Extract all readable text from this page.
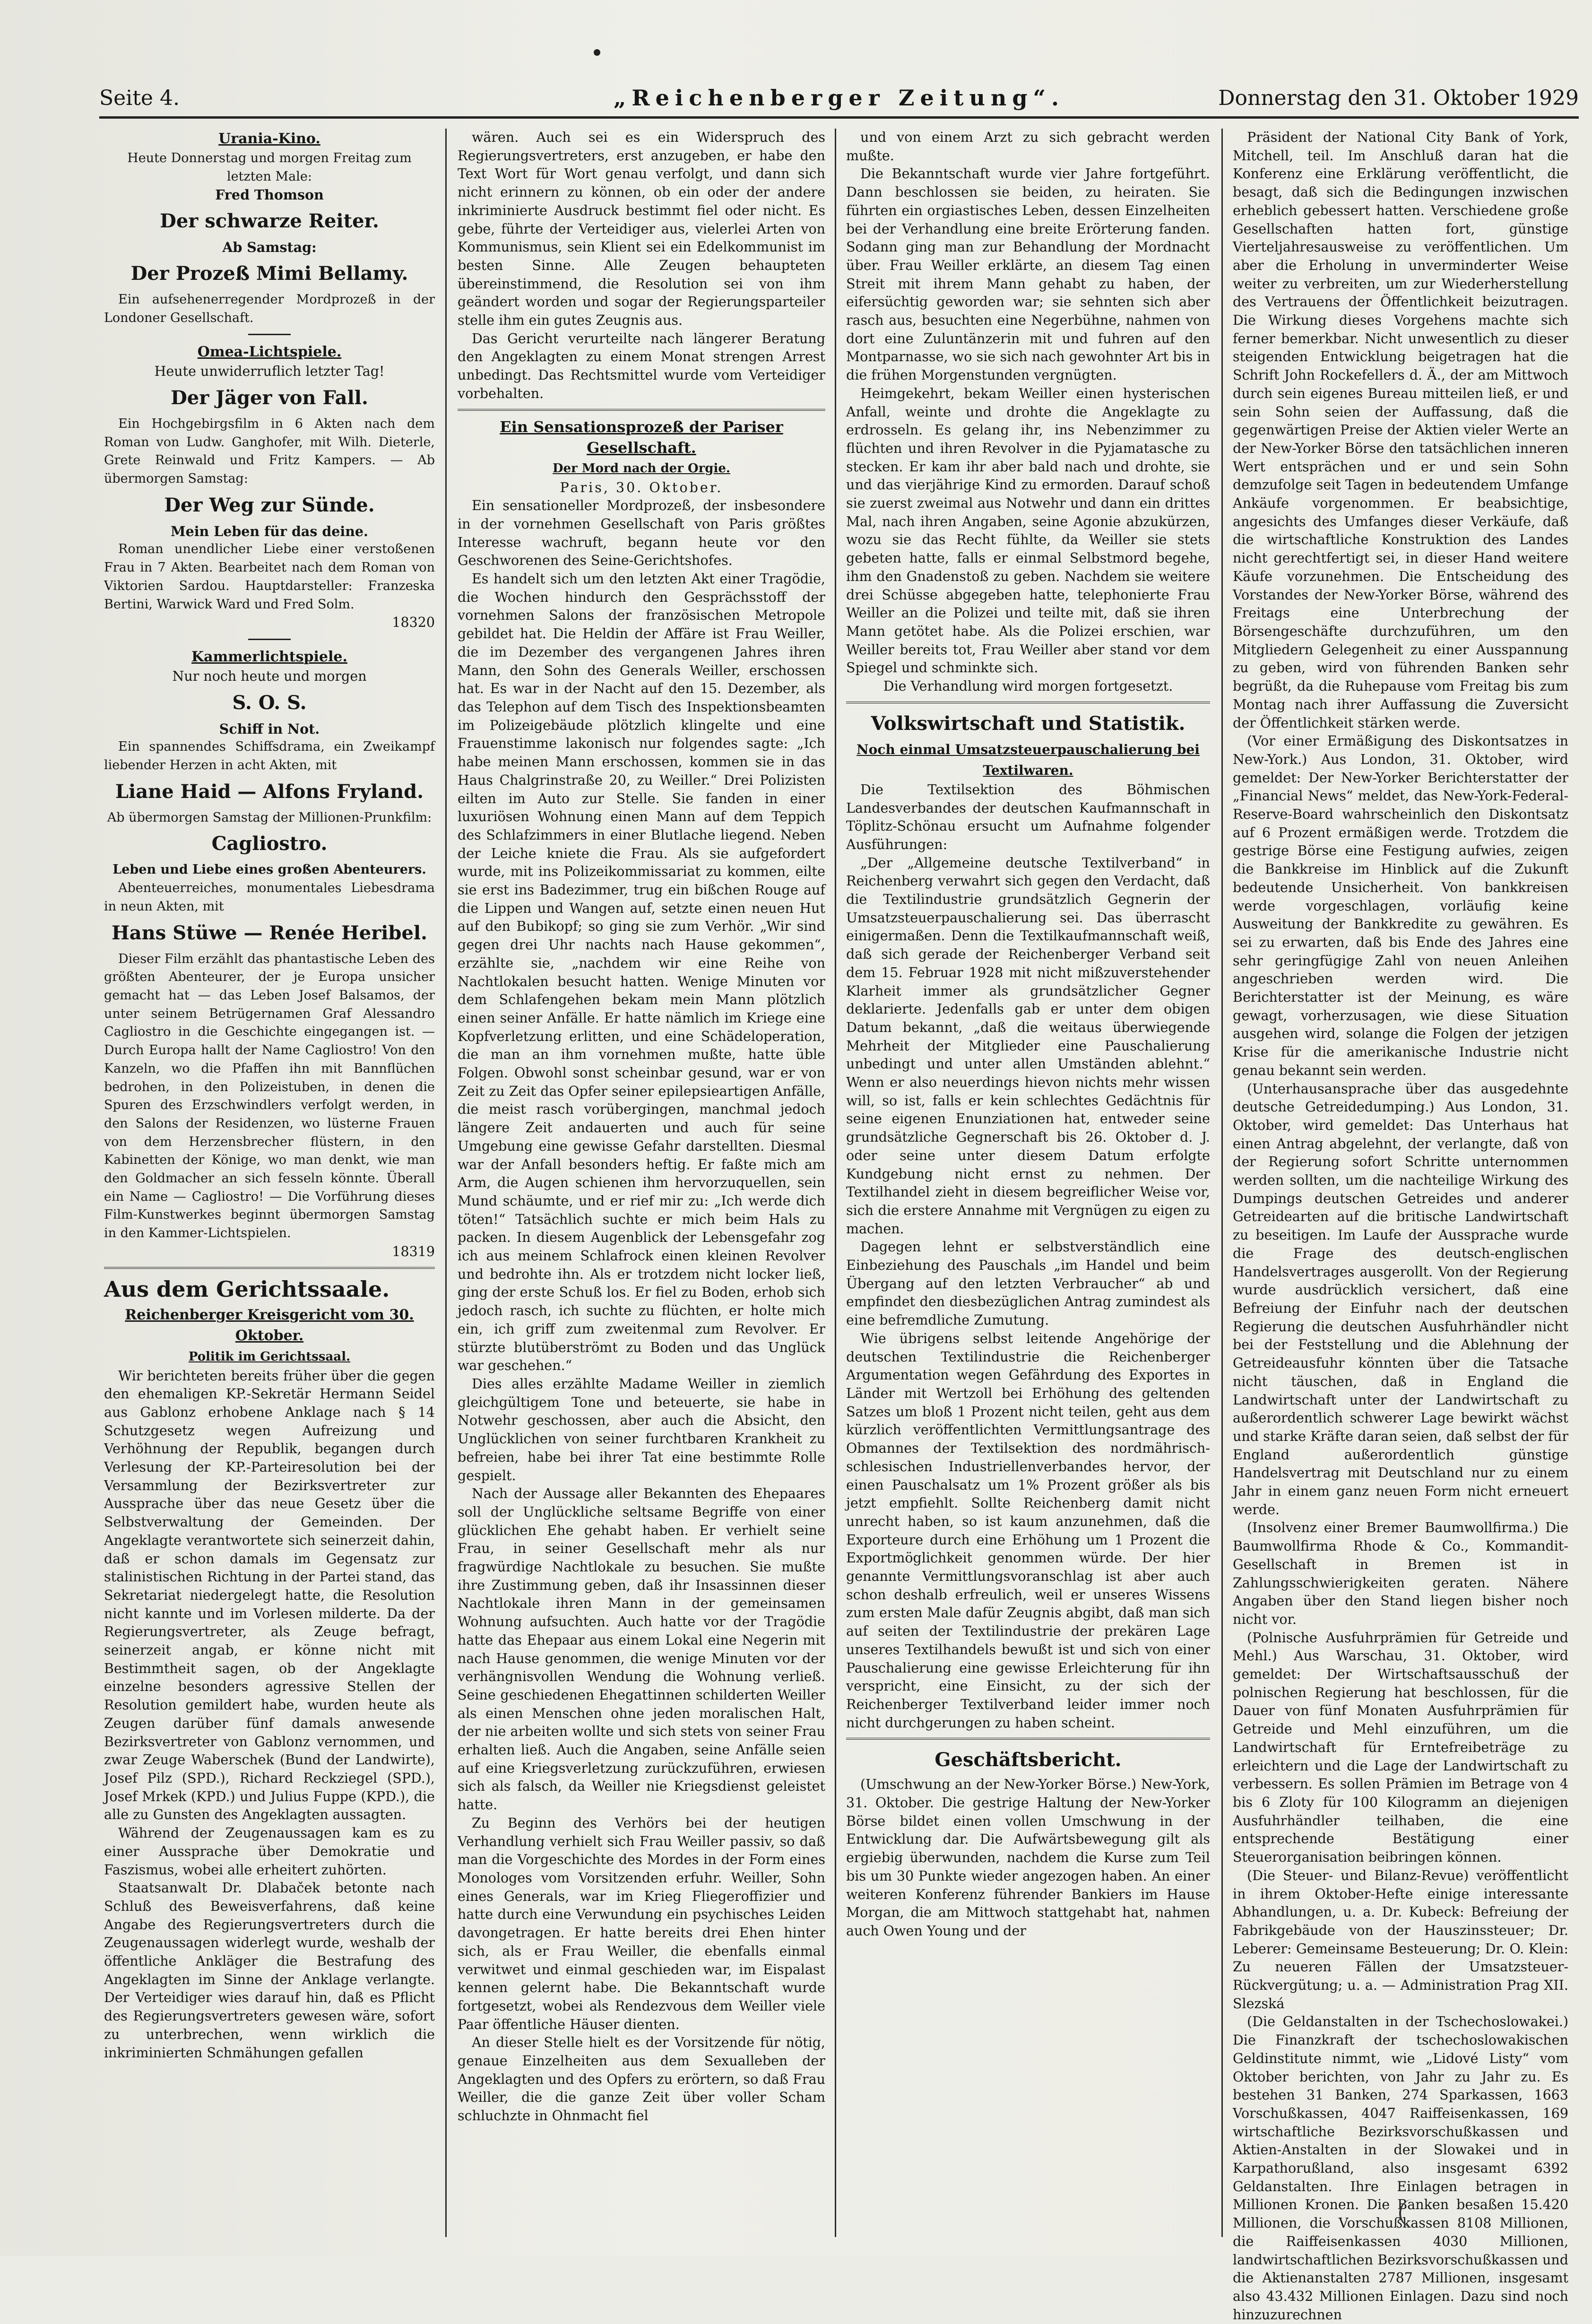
Seite 4.	„Reichenberger Zeitung“.	Donnerstag den 31. Oktober 1929
Urania-Kino.

Heute Donnerstag und morgen Freitag zum letzten Male:

Fred Thomson

Der schwarze Reiter.

Ab Samstag:

Der Prozeß Mimi Bellamy.

Ein aufsehenerregender Mordprozeß in der Londoner Gesellschaft.

Omea-Lichtspiele.

Heute unwiderruflich letzter Tag!

Der Jäger von Fall.

Ein Hochgebirgsfilm in 6 Akten nach dem Roman von Ludw. Ganghofer, mit Wilh. Dieterle, Grete Reinwald und Fritz Kampers. — Ab übermorgen Samstag:

Der Weg zur Sünde.

Mein Leben für das deine.

Roman unendlicher Liebe einer verstoßenen Frau in 7 Akten. Bearbeitet nach dem Roman von Viktorien Sardou. Hauptdarsteller: Franzeska Bertini, Warwick Ward und Fred Solm.

18320

Kammerlichtspiele.

Nur noch heute und morgen

S. O. S.

Schiff in Not.

Ein spannendes Schiffsdrama, ein Zweikampf liebender Herzen in acht Akten, mit

Liane Haid — Alfons Fryland.

Ab übermorgen Samstag der Millionen-Prunkfilm:

Cagliostro.

Leben und Liebe eines großen Abenteurers.

Abenteuerreiches, monumentales Liebesdrama in neun Akten, mit

Hans Stüwe — Renée Heribel.

Dieser Film erzählt das phantastische Leben des größten Abenteurer, der je Europa unsicher gemacht hat — das Leben Josef Balsamos, der unter seinem Betrügernamen Graf Alessandro Cagliostro in die Geschichte eingegangen ist. — Durch Europa hallt der Name Cagliostro! Von den Kanzeln, wo die Pfaffen ihn mit Bannflüchen bedrohen, in den Polizeistuben, in denen die Spuren des Erzschwindlers verfolgt werden, in den Salons der Residenzen, wo lüsterne Frauen von dem Herzensbrecher flüstern, in den Kabinetten der Könige, wo man denkt, wie man den Goldmacher an sich fesseln könnte. Überall ein Name — Cagliostro! — Die Vorführung dieses Film-Kunstwerkes beginnt übermorgen Samstag in den Kammer-Lichtspielen.

18319

Aus dem Gerichtssaale.
Reichenberger Kreisgericht vom 30. Oktober.
Politik im Gerichtssaal.

Wir berichteten bereits früher über die gegen den ehemaligen KP.-Sekretär Hermann Seidel aus Gablonz erhobene Anklage nach § 14 Schutzgesetz wegen Aufreizung und Verhöhnung der Republik, begangen durch Verlesung der KP.-Parteiresolution bei der Versammlung der Bezirksvertreter zur Aussprache über das neue Gesetz über die Selbstverwaltung der Gemeinden. Der Angeklagte verantwortete sich seinerzeit dahin, daß er schon damals im Gegensatz zur stalinistischen Richtung in der Partei stand, das Sekretariat niedergelegt hatte, die Resolution nicht kannte und im Vorlesen milderte. Da der Regierungsvertreter, als Zeuge befragt, seinerzeit angab, er könne nicht mit Bestimmtheit sagen, ob der Angeklagte einzelne besonders agressive Stellen der Resolution gemildert habe, wurden heute als Zeugen darüber fünf damals anwesende Bezirksvertreter von Gablonz vernommen, und zwar Zeuge Waberschek (Bund der Landwirte), Josef Pilz (SPD.), Richard Reckziegel (SPD.), Josef Mrkek (KPD.) und Julius Fuppe (KPD.), die alle zu Gunsten des Angeklagten aussagten.

Während der Zeugenaussagen kam es zu einer Aussprache über Demokratie und Faszismus, wobei alle erheitert zuhörten.

Staatsanwalt Dr. Dlabaček betonte nach Schluß des Beweisverfahrens, daß keine Angabe des Regierungsvertreters durch die Zeugenaussagen widerlegt wurde, weshalb der öffentliche Ankläger die Bestrafung des Angeklagten im Sinne der Anklage verlangte. Der Verteidiger wies darauf hin, daß es Pflicht des Regierungsvertreters gewesen wäre, sofort zu unterbrechen, wenn wirklich die inkriminierten Schmähungen gefallen

wären. Auch sei es ein Widerspruch des Regierungsvertreters, erst anzugeben, er habe den Text Wort für Wort genau verfolgt, und dann sich nicht erinnern zu können, ob ein oder der andere inkriminierte Ausdruck bestimmt fiel oder nicht. Es gebe, führte der Verteidiger aus, vielerlei Arten von Kommunismus, sein Klient sei ein Edelkommunist im besten Sinne. Alle Zeugen behaupteten übereinstimmend, die Resolution sei von ihm geändert worden und sogar der Regierungsparteiler stelle ihm ein gutes Zeugnis aus.

Das Gericht verurteilte nach längerer Beratung den Angeklagten zu einem Monat strengen Arrest unbedingt. Das Rechtsmittel wurde vom Verteidiger vorbehalten.

Ein Sensationsprozeß der Pariser Gesellschaft.
Der Mord nach der Orgie.

Paris, 30. Oktober.

Ein sensationeller Mordprozeß, der insbesondere in der vornehmen Gesellschaft von Paris größtes Interesse wachruft, begann heute vor den Geschworenen des Seine-Gerichtshofes.

Es handelt sich um den letzten Akt einer Tragödie, die Wochen hindurch den Gesprächsstoff der vornehmen Salons der französischen Metropole gebildet hat. Die Heldin der Affäre ist Frau Weiller, die im Dezember des vergangenen Jahres ihren Mann, den Sohn des Generals Weiller, erschossen hat. Es war in der Nacht auf den 15. Dezember, als das Telephon auf dem Tisch des Inspektionsbeamten im Polizeigebäude plötzlich klingelte und eine Frauenstimme lakonisch nur folgendes sagte: „Ich habe meinen Mann erschossen, kommen sie in das Haus Chalgrinstraße 20, zu Weiller.“ Drei Polizisten eilten im Auto zur Stelle. Sie fanden in einer luxuriösen Wohnung einen Mann auf dem Teppich des Schlafzimmers in einer Blutlache liegend. Neben der Leiche kniete die Frau. Als sie aufgefordert wurde, mit ins Polizeikommissariat zu kommen, eilte sie erst ins Badezimmer, trug ein bißchen Rouge auf die Lippen und Wangen auf, setzte einen neuen Hut auf den Bubikopf; so ging sie zum Verhör. „Wir sind gegen drei Uhr nachts nach Hause gekommen“, erzählte sie, „nachdem wir eine Reihe von Nachtlokalen besucht hatten. Wenige Minuten vor dem Schlafengehen bekam mein Mann plötzlich einen seiner Anfälle. Er hatte nämlich im Kriege eine Kopfverletzung erlitten, und eine Schädeloperation, die man an ihm vornehmen mußte, hatte üble Folgen. Obwohl sonst scheinbar gesund, war er von Zeit zu Zeit das Opfer seiner epilepsieartigen Anfälle, die meist rasch vorübergingen, manchmal jedoch längere Zeit andauerten und auch für seine Umgebung eine gewisse Gefahr darstellten. Diesmal war der Anfall besonders heftig. Er faßte mich am Arm, die Augen schienen ihm hervorzuquellen, sein Mund schäumte, und er rief mir zu: „Ich werde dich töten!“ Tatsächlich suchte er mich beim Hals zu packen. In diesem Augenblick der Lebensgefahr zog ich aus meinem Schlafrock einen kleinen Revolver und bedrohte ihn. Als er trotzdem nicht locker ließ, ging der erste Schuß los. Er fiel zu Boden, erhob sich jedoch rasch, ich suchte zu flüchten, er holte mich ein, ich griff zum zweitenmal zum Revolver. Er stürzte blutüberströmt zu Boden und das Unglück war geschehen.“

Dies alles erzählte Madame Weiller in ziemlich gleichgültigem Tone und beteuerte, sie habe in Notwehr geschossen, aber auch die Absicht, den Unglücklichen von seiner furchtbaren Krankheit zu befreien, habe bei ihrer Tat eine bestimmte Rolle gespielt.

Nach der Aussage aller Bekannten des Ehepaares soll der Unglückliche seltsame Begriffe von einer glücklichen Ehe gehabt haben. Er verhielt seine Frau, in seiner Gesellschaft mehr als nur fragwürdige Nachtlokale zu besuchen. Sie mußte ihre Zustimmung geben, daß ihr Insassinnen dieser Nachtlokale ihren Mann in der gemeinsamen Wohnung aufsuchten. Auch hatte vor der Tragödie hatte das Ehepaar aus einem Lokal eine Negerin mit nach Hause genommen, die wenige Minuten vor der verhängnisvollen Wendung die Wohnung verließ. Seine geschiedenen Ehegattinnen schilderten Weiller als einen Menschen ohne jeden moralischen Halt, der nie arbeiten wollte und sich stets von seiner Frau erhalten ließ. Auch die Angaben, seine Anfälle seien auf eine Kriegsverletzung zurückzuführen, erwiesen sich als falsch, da Weiller nie Kriegsdienst geleistet hatte.

Zu Beginn des Verhörs bei der heutigen Verhandlung verhielt sich Frau Weiller passiv, so daß man die Vorgeschichte des Mordes in der Form eines Monologes vom Vorsitzenden erfuhr. Weiller, Sohn eines Generals, war im Krieg Fliegeroffizier und hatte durch eine Verwundung ein psychisches Leiden davongetragen. Er hatte bereits drei Ehen hinter sich, als er Frau Weiller, die ebenfalls einmal verwitwet und einmal geschieden war, im Eispalast kennen gelernt habe. Die Bekanntschaft wurde fortgesetzt, wobei als Rendezvous dem Weiller viele Paar öffentliche Häuser dienten.

An dieser Stelle hielt es der Vorsitzende für nötig, genaue Einzelheiten aus dem Sexualleben der Angeklagten und des Opfers zu erörtern, so daß Frau Weiller, die die ganze Zeit über voller Scham schluchzte in Ohnmacht fiel

und von einem Arzt zu sich gebracht werden mußte.

Die Bekanntschaft wurde vier Jahre fortgeführt. Dann beschlossen sie beiden, zu heiraten. Sie führten ein orgiastisches Leben, dessen Einzelheiten bei der Verhandlung eine breite Erörterung fanden. Sodann ging man zur Behandlung der Mordnacht über. Frau Weiller erklärte, an diesem Tag einen Streit mit ihrem Mann gehabt zu haben, der eifersüchtig geworden war; sie sehnten sich aber rasch aus, besuchten eine Negerbühne, nahmen von dort eine Zuluntänzerin mit und fuhren auf den Montparnasse, wo sie sich nach gewohnter Art bis in die frühen Morgenstunden vergnügten.

Heimgekehrt, bekam Weiller einen hysterischen Anfall, weinte und drohte die Angeklagte zu erdrosseln. Es gelang ihr, ins Nebenzimmer zu flüchten und ihren Revolver in die Pyjamatasche zu stecken. Er kam ihr aber bald nach und drohte, sie und das vierjährige Kind zu ermorden. Darauf schoß sie zuerst zweimal aus Notwehr und dann ein drittes Mal, nach ihren Angaben, seine Agonie abzukürzen, wozu sie das Recht fühlte, da Weiller sie stets gebeten hatte, falls er einmal Selbstmord begehe, ihm den Gnadenstoß zu geben. Nachdem sie weitere drei Schüsse abgegeben hatte, telephonierte Frau Weiller an die Polizei und teilte mit, daß sie ihren Mann getötet habe. Als die Polizei erschien, war Weiller bereits tot, Frau Weiller aber stand vor dem Spiegel und schminkte sich.

Die Verhandlung wird morgen fortgesetzt.

Volkswirtschaft und Statistik.
Noch einmal Umsatzsteuerpauschalierung bei Textilwaren.

Die Textilsektion des Böhmischen Landesverbandes der deutschen Kaufmannschaft in Töplitz-Schönau ersucht um Aufnahme folgender Ausführungen:

„Der „Allgemeine deutsche Textilverband“ in Reichenberg verwahrt sich gegen den Verdacht, daß die Textilindustrie grundsätzlich Gegnerin der Umsatzsteuerpauschalierung sei. Das überrascht einigermaßen. Denn die Textilkaufmannschaft weiß, daß sich gerade der Reichenberger Verband seit dem 15. Februar 1928 mit nicht mißzuverstehender Klarheit immer als grundsätzlicher Gegner deklarierte. Jedenfalls gab er unter dem obigen Datum bekannt, „daß die weitaus überwiegende Mehrheit der Mitglieder eine Pauschalierung unbedingt und unter allen Umständen ablehnt.“ Wenn er also neuerdings hievon nichts mehr wissen will, so ist, falls er kein schlechtes Gedächtnis für seine eigenen Enunziationen hat, entweder seine grundsätzliche Gegnerschaft bis 26. Oktober d. J. oder seine unter diesem Datum erfolgte Kundgebung nicht ernst zu nehmen. Der Textilhandel zieht in diesem begreiflicher Weise vor, sich die erstere Annahme mit Vergnügen zu eigen zu machen.

Dagegen lehnt er selbstverständlich eine Einbeziehung des Pauschals „im Handel und beim Übergang auf den letzten Verbraucher“ ab und empfindet den diesbezüglichen Antrag zumindest als eine befremdliche Zumutung.

Wie übrigens selbst leitende Angehörige der deutschen Textilindustrie die Reichenberger Argumentation wegen Gefährdung des Exportes in Länder mit Wertzoll bei Erhöhung des geltenden Satzes um bloß 1 Prozent nicht teilen, geht aus dem kürzlich veröffentlichten Vermittlungsantrage des Obmannes der Textilsektion des nordmährisch-schlesischen Industriellenverbandes hervor, der einen Pauschalsatz um 1% Prozent größer als bis jetzt empfiehlt. Sollte Reichenberg damit nicht unrecht haben, so ist kaum anzunehmen, daß die Exporteure durch eine Erhöhung um 1 Prozent die Exportmöglichkeit genommen würde. Der hier genannte Vermittlungsvoranschlag ist aber auch schon deshalb erfreulich, weil er unseres Wissens zum ersten Male dafür Zeugnis abgibt, daß man sich auf seiten der Textilindustrie der prekären Lage unseres Textilhandels bewußt ist und sich von einer Pauschalierung eine gewisse Erleichterung für ihn verspricht, eine Einsicht, zu der sich der Reichenberger Textilverband leider immer noch nicht durchgerungen zu haben scheint.

Geschäftsbericht.

(Umschwung an der New-Yorker Börse.) New-York, 31. Oktober. Die gestrige Haltung der New-Yorker Börse bildet einen vollen Umschwung in der Entwicklung dar. Die Aufwärtsbewegung gilt als ergiebig überwunden, nachdem die Kurse zum Teil bis um 30 Punkte wieder angezogen haben. An einer weiteren Konferenz führender Bankiers im Hause Morgan, die am Mittwoch stattgehabt hat, nahmen auch Owen Young und der

Präsident der National City Bank of York, Mitchell, teil. Im Anschluß daran hat die Konferenz eine Erklärung veröffentlicht, die besagt, daß sich die Bedingungen inzwischen erheblich gebessert hatten. Verschiedene große Gesellschaften hatten fort, günstige Vierteljahresausweise zu veröffentlichen. Um aber die Erholung in unverminderter Weise weiter zu verbreiten, um zur Wiederherstellung des Vertrauens der Öffentlichkeit beizutragen. Die Wirkung dieses Vorgehens machte sich ferner bemerkbar. Nicht unwesentlich zu dieser steigenden Entwicklung beigetragen hat die Schrift John Rockefellers d. Ä., der am Mittwoch durch sein eigenes Bureau mitteilen ließ, er und sein Sohn seien der Auffassung, daß die gegenwärtigen Preise der Aktien vieler Werte an der New-Yorker Börse den tatsächlichen inneren Wert entsprächen und er und sein Sohn demzufolge seit Tagen in bedeutendem Umfange Ankäufe vorgenommen. Er beabsichtige, angesichts des Umfanges dieser Verkäufe, daß die wirtschaftliche Konstruktion des Landes nicht gerechtfertigt sei, in dieser Hand weitere Käufe vorzunehmen. Die Entscheidung des Vorstandes der New-Yorker Börse, während des Freitags eine Unterbrechung der Börsengeschäfte durchzuführen, um den Mitgliedern Gelegenheit zu einer Ausspannung zu geben, wird von führenden Banken sehr begrüßt, da die Ruhepause vom Freitag bis zum Montag nach ihrer Auffassung die Zuversicht der Öffentlichkeit stärken werde.

(Vor einer Ermäßigung des Diskontsatzes in New-York.) Aus London, 31. Oktober, wird gemeldet: Der New-Yorker Berichterstatter der „Financial News“ meldet, das New-York-Federal-Reserve-Board wahrscheinlich den Diskontsatz auf 6 Prozent ermäßigen werde. Trotzdem die gestrige Börse eine Festigung aufwies, zeigen die Bankkreise im Hinblick auf die Zukunft bedeutende Unsicherheit. Von bankkreisen werde vorgeschlagen, vorläufig keine Ausweitung der Bankkredite zu gewähren. Es sei zu erwarten, daß bis Ende des Jahres eine sehr geringfügige Zahl von neuen Anleihen angeschrieben werden wird. Die Berichterstatter ist der Meinung, es wäre gewagt, vorherzusagen, wie diese Situation ausgehen wird, solange die Folgen der jetzigen Krise für die amerikanische Industrie nicht genau bekannt sein werden.

(Unterhausansprache über das ausgedehnte deutsche Getreidedumping.) Aus London, 31. Oktober, wird gemeldet: Das Unterhaus hat einen Antrag abgelehnt, der verlangte, daß von der Regierung sofort Schritte unternommen werden sollten, um die nachteilige Wirkung des Dumpings deutschen Getreides und anderer Getreidearten auf die britische Landwirtschaft zu beseitigen. Im Laufe der Aussprache wurde die Frage des deutsch-englischen Handelsvertrages ausgerollt. Von der Regierung wurde ausdrücklich versichert, daß eine Befreiung der Einfuhr nach der deutschen Regierung die deutschen Ausfuhrhändler nicht bei der Feststellung und die Ablehnung der Getreideausfuhr könnten über die Tatsache nicht täuschen, daß in England die Landwirtschaft unter der Landwirtschaft zu außerordentlich schwerer Lage bewirkt wächst und starke Kräfte daran seien, daß selbst der für England außerordentlich günstige Handelsvertrag mit Deutschland nur zu einem Jahr in einem ganz neuen Form nicht erneuert werde.

(Insolvenz einer Bremer Baumwollfirma.) Die Baumwollfirma Rhode & Co., Kommandit-Gesellschaft in Bremen ist in Zahlungsschwierigkeiten geraten. Nähere Angaben über den Stand liegen bisher noch nicht vor.

(Polnische Ausfuhrprämien für Getreide und Mehl.) Aus Warschau, 31. Oktober, wird gemeldet: Der Wirtschaftsausschuß der polnischen Regierung hat beschlossen, für die Dauer von fünf Monaten Ausfuhrprämien für Getreide und Mehl einzuführen, um die Landwirtschaft für Erntefreibeträge zu erleichtern und die Lage der Landwirtschaft zu verbessern. Es sollen Prämien im Betrage von 4 bis 6 Zloty für 100 Kilogramm an diejenigen Ausfuhrhändler teilhaben, die eine entsprechende Bestätigung einer Steuerorganisation beibringen können.

(Die Steuer- und Bilanz-Revue) veröffentlicht in ihrem Oktober-Hefte einige interessante Abhandlungen, u. a. Dr. Kubeck: Befreiung der Fabrikgebäude von der Hauszinssteuer; Dr. Leberer: Gemeinsame Besteuerung; Dr. O. Klein: Zu neueren Fällen der Umsatzsteuer-Rückvergütung; u. a. — Administration Prag XII. Slezská

(Die Geldanstalten in der Tschechoslowakei.) Die Finanzkraft der tschechoslowakischen Geldinstitute nimmt, wie „Lidové Listy“ vom Oktober berichten, von Jahr zu Jahr zu. Es bestehen 31 Banken, 274 Sparkassen, 1663 Vorschußkassen, 4047 Raiffeisenkassen, 169 wirtschaftliche Bezirksvorschußkassen und Aktien-Anstalten in der Slowakei und in Karpathorußland, also insgesamt 6392 Geldanstalten. Ihre Einlagen betragen in Millionen Kronen. Die Banken besaßen 15.420 Millionen, die Vorschußkassen 8108 Millionen, die Raiffeisenkassen 4030 Millionen, landwirtschaftlichen Bezirksvorschußkassen und die Aktienanstalten 2787 Millionen, insgesamt also 43.432 Millionen Einlagen. Dazu sind noch hinzuzurechnen
